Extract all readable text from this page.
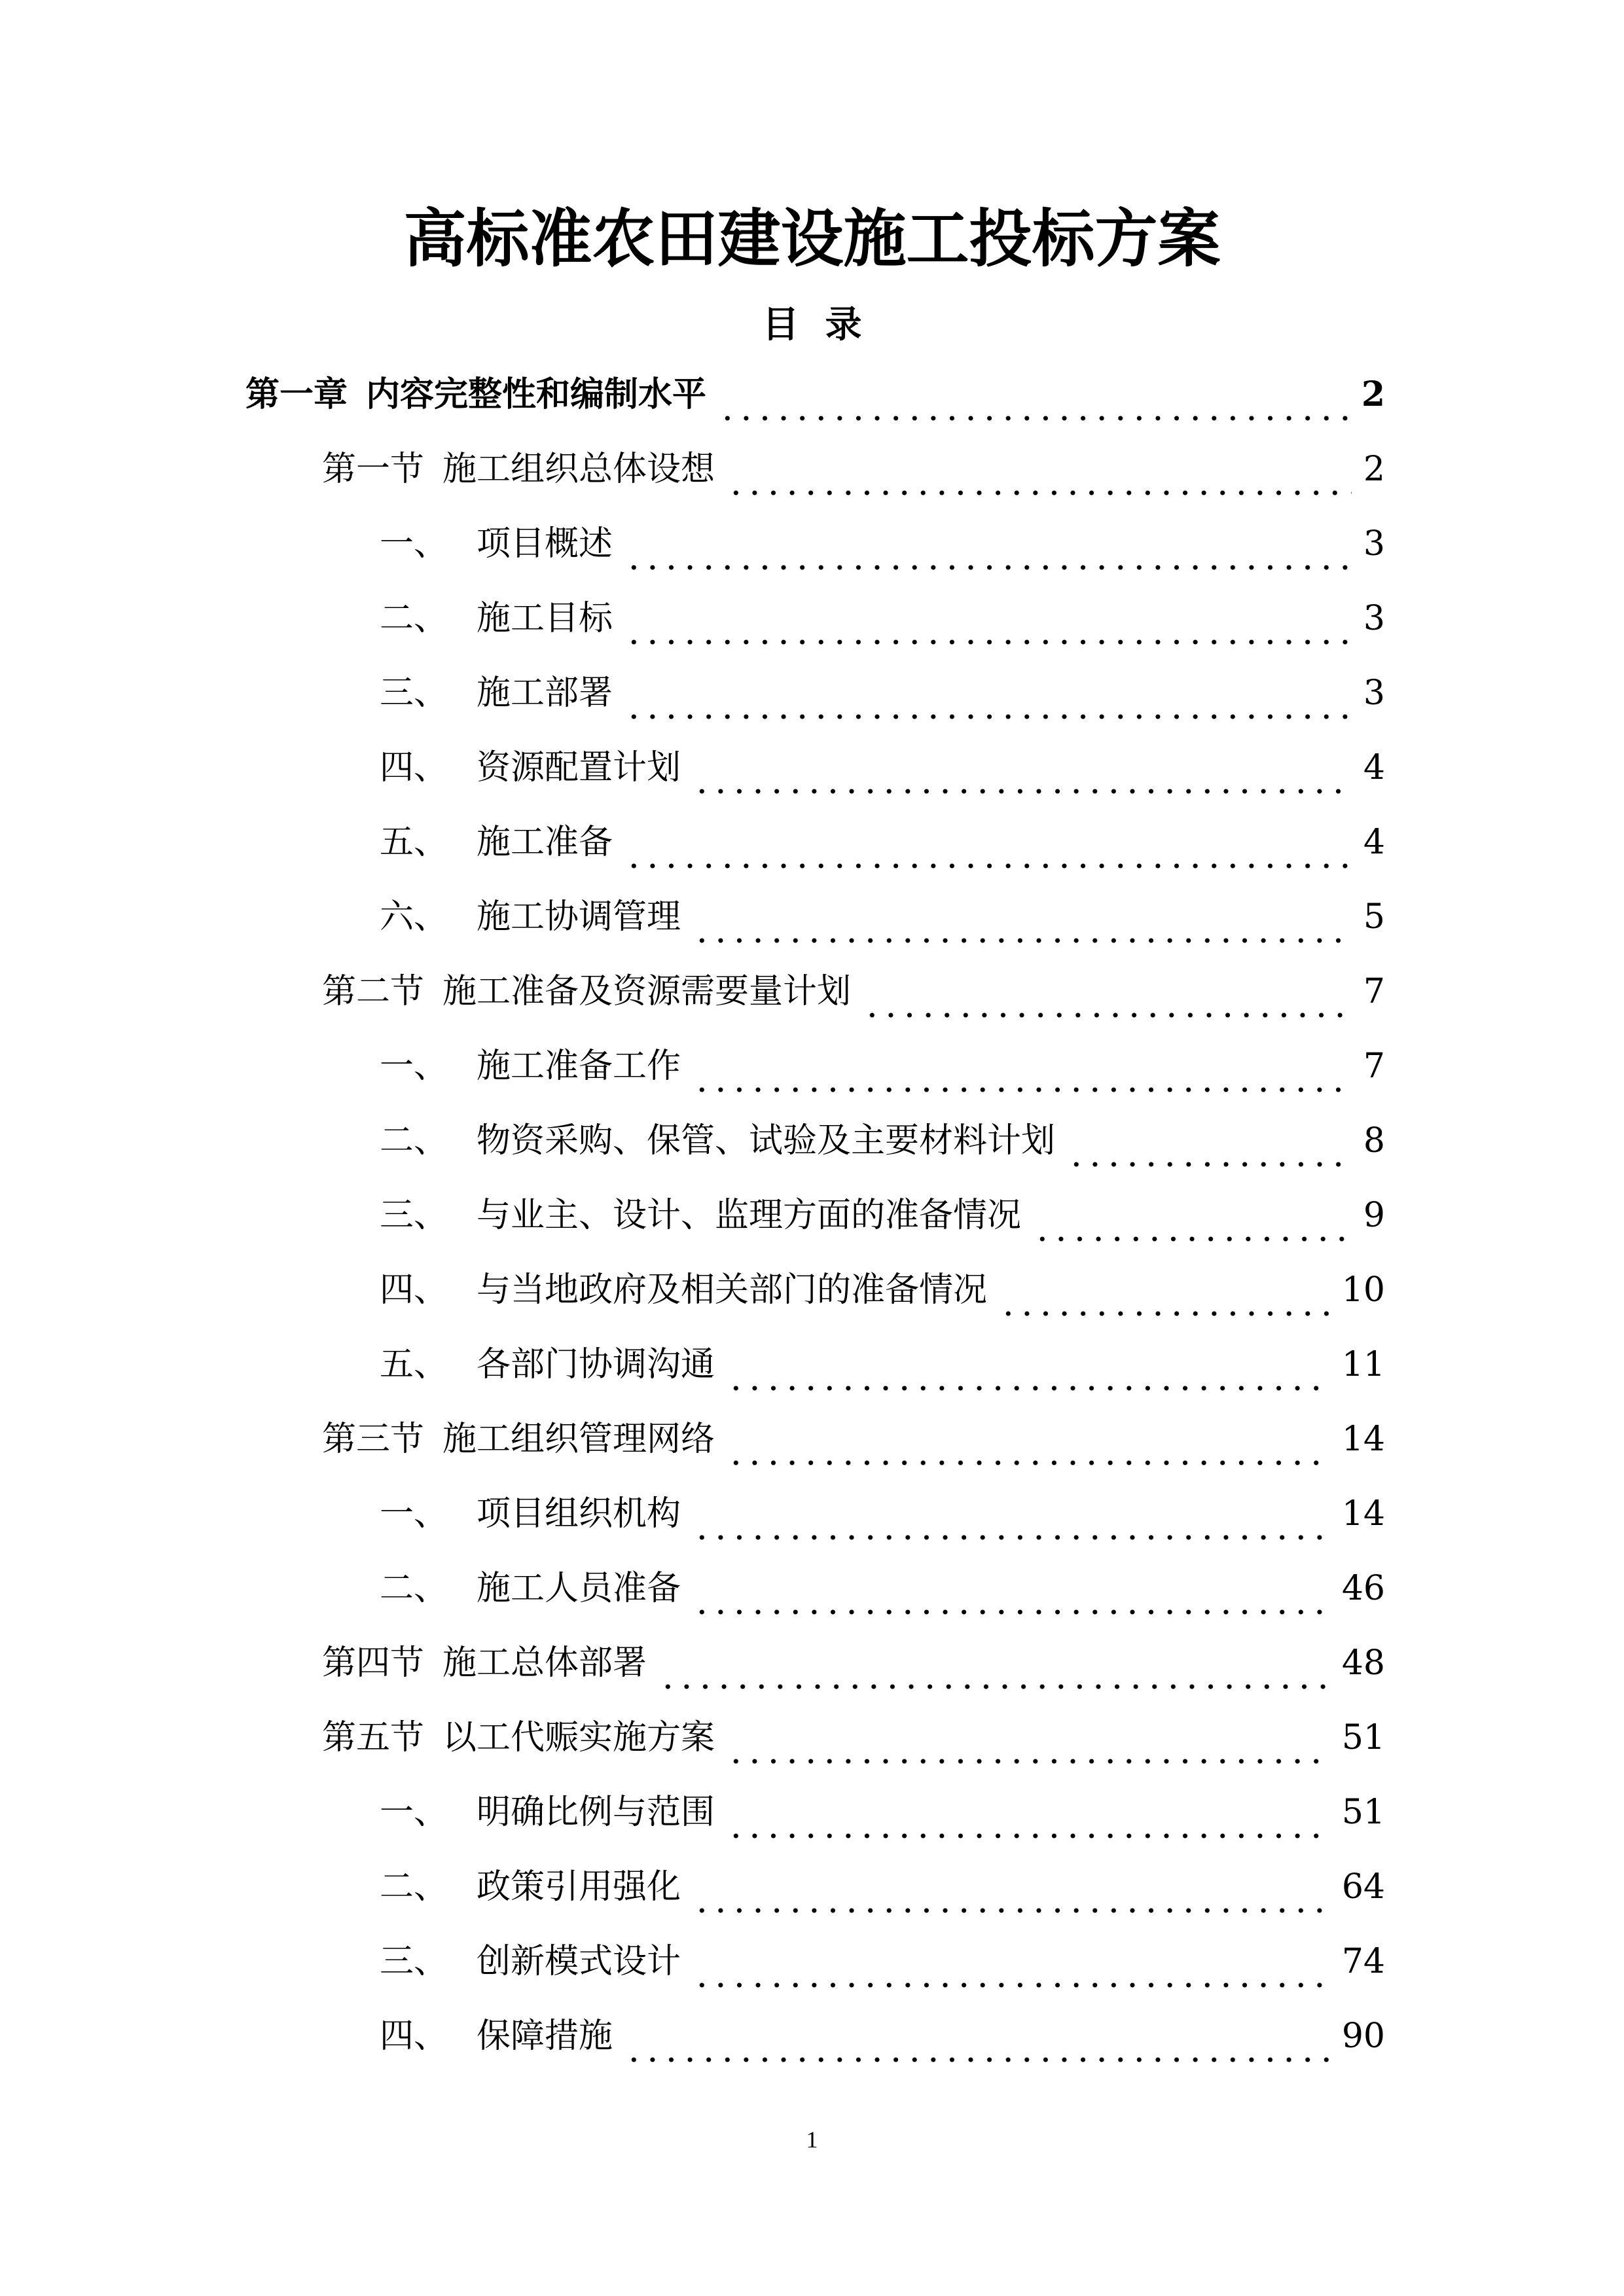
高标准农田建设施工投标方案
目录
第一章 内容完整性和编制水平	2
第一节 施工组织总体设想	2
一、 项目概述	3
二、 施工目标	3
三、 施工部署	3
四、 资源配置计划	4
五、 施工准备	4
六、 施工协调管理	5
第二节 施工准备及资源需要量计划	7
一、 施工准备工作	7
二、 物资采购、保管、试验及主要材料计划	8
三、 与业主、设计、监理方面的准备情况	9
四、 与当地政府及相关部门的准备情况	10
五、 各部门协调沟通	11
第三节 施工组织管理网络	14
一、 项目组织机构	14
二、 施工人员准备	46
第四节 施工总体部署	48
第五节 以工代赈实施方案	51
一、 明确比例与范围	51
二、 政策引用强化	64
三、 创新模式设计	74
四、 保障措施	90
1
